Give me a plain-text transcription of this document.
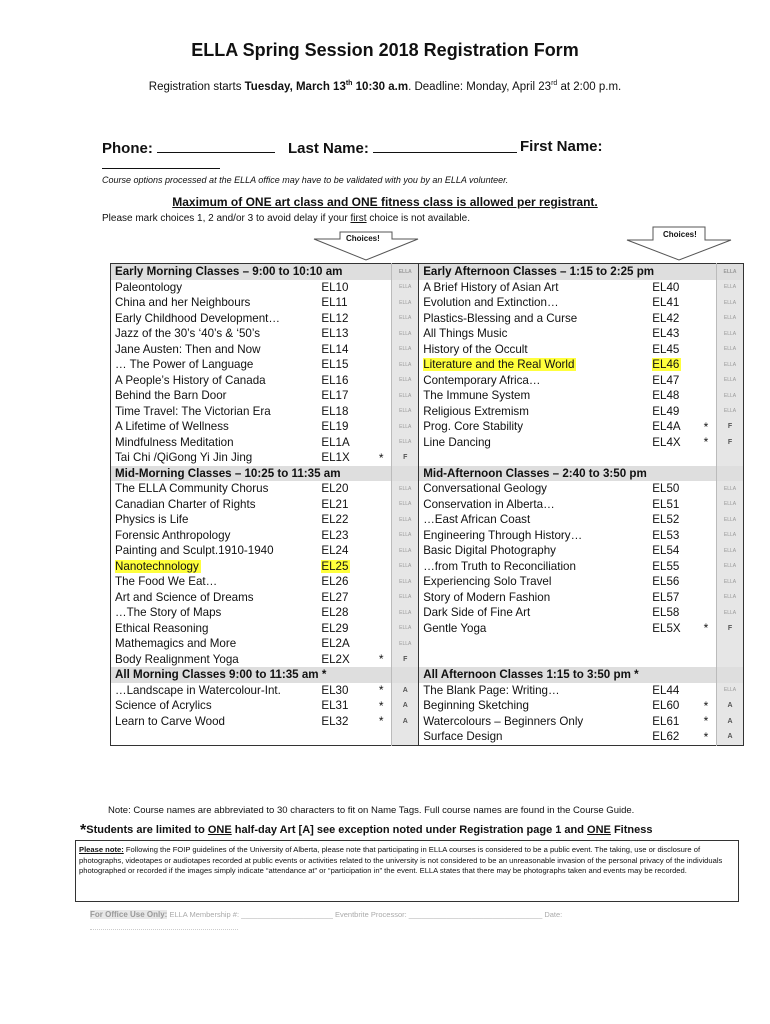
ELLA Spring Session 2018 Registration Form
Registration starts Tuesday, March 13th 10:30 a.m. Deadline: Monday, April 23rd at 2:00 p.m.
Phone:	Last Name:	First Name:
Course options processed at the ELLA office may have to be validated with you by an ELLA volunteer.
Maximum of ONE art class and ONE fitness class is allowed per registrant.
Please mark choices 1, 2 and/or 3 to avoid delay if your first choice is not available.
Choices!	Choices!
Early Morning Classes – 9:00 to 10:10 am			ELLA	Early Afternoon Classes – 1:15 to 2:25 pm			ELLA
Paleontology	EL10		ELLA	A Brief History of Asian Art	EL40		ELLA
China and her Neighbours	EL11		ELLA	Evolution and Extinction…	EL41		ELLA
Early Childhood Development…	EL12		ELLA	Plastics-Blessing and a Curse	EL42		ELLA
Jazz of the 30’s ‘40’s & ‘50’s	EL13		ELLA	All Things Music	EL43		ELLA
Jane Austen: Then and Now	EL14		ELLA	History of the Occult	EL45		ELLA
… The Power of Language	EL15		ELLA	Literature and the Real World	EL46		ELLA
A People’s History of Canada	EL16		ELLA	Contemporary Africa…	EL47		ELLA
Behind the Barn Door	EL17		ELLA	The Immune System	EL48		ELLA
Time Travel: The Victorian Era	EL18		ELLA	Religious Extremism	EL49		ELLA
A Lifetime of Wellness	EL19		ELLA	Prog. Core Stability	EL4A	*	F
Mindfulness Meditation	EL1A		ELLA	Line Dancing	EL4X	*	F
Tai Chi /QiGong Yi Jin Jing	EL1X	*	F				
Mid-Morning Classes – 10:25 to 11:35 am				Mid-Afternoon Classes – 2:40 to 3:50 pm			
The ELLA Community Chorus	EL20		ELLA	Conversational Geology	EL50		ELLA
Canadian Charter of Rights	EL21		ELLA	Conservation in Alberta…	EL51		ELLA
Physics is Life	EL22		ELLA	…East African Coast	EL52		ELLA
Forensic Anthropology	EL23		ELLA	Engineering Through History…	EL53		ELLA
Painting and Sculpt.1910-1940	EL24		ELLA	Basic Digital Photography	EL54		ELLA
Nanotechnology	EL25		ELLA	…from Truth to Reconciliation	EL55		ELLA
The Food We Eat…	EL26		ELLA	Experiencing Solo Travel	EL56		ELLA
Art and Science of Dreams	EL27		ELLA	Story of Modern Fashion	EL57		ELLA
…The Story of Maps	EL28		ELLA	Dark Side of Fine Art	EL58		ELLA
Ethical Reasoning	EL29		ELLA	Gentle Yoga	EL5X	*	F
Mathemagics and More	EL2A		ELLA				
Body Realignment Yoga	EL2X	*	F				
All Morning Classes 9:00 to 11:35 am *				All Afternoon Classes 1:15 to 3:50 pm *			
…Landscape in Watercolour-Int.	EL30	*	A	The Blank Page: Writing…	EL44		ELLA
Science of Acrylics	EL31	*	A	Beginning Sketching	EL60	*	A
Learn to Carve Wood	EL32	*	A	Watercolours – Beginners Only	EL61	*	A
				Surface Design	EL62	*	A
Note: Course names are abbreviated to 30 characters to fit on Name Tags. Full course names are found in the Course Guide.
*Students are limited to ONE half-day Art [A] see exception noted under Registration page 1 and ONE Fitness
Please note: Following the FOIP guidelines of the University of Alberta, please note that participating in ELLA courses is considered to be a public event. The taking, use or disclosure of photographs, videotapes or audiotapes recorded at public events or activities related to the university is not considered to be an unreasonable invasion of the personal privacy of the individuals photographed or recorded if the images simply indicate “attendance at” or “participation in” the event. ELLA states that there may be photographs taken and events may be recorded.
For Office Use Only: ELLA Membership #: ______________________ Eventbrite Processor: ________________________________ Date:
